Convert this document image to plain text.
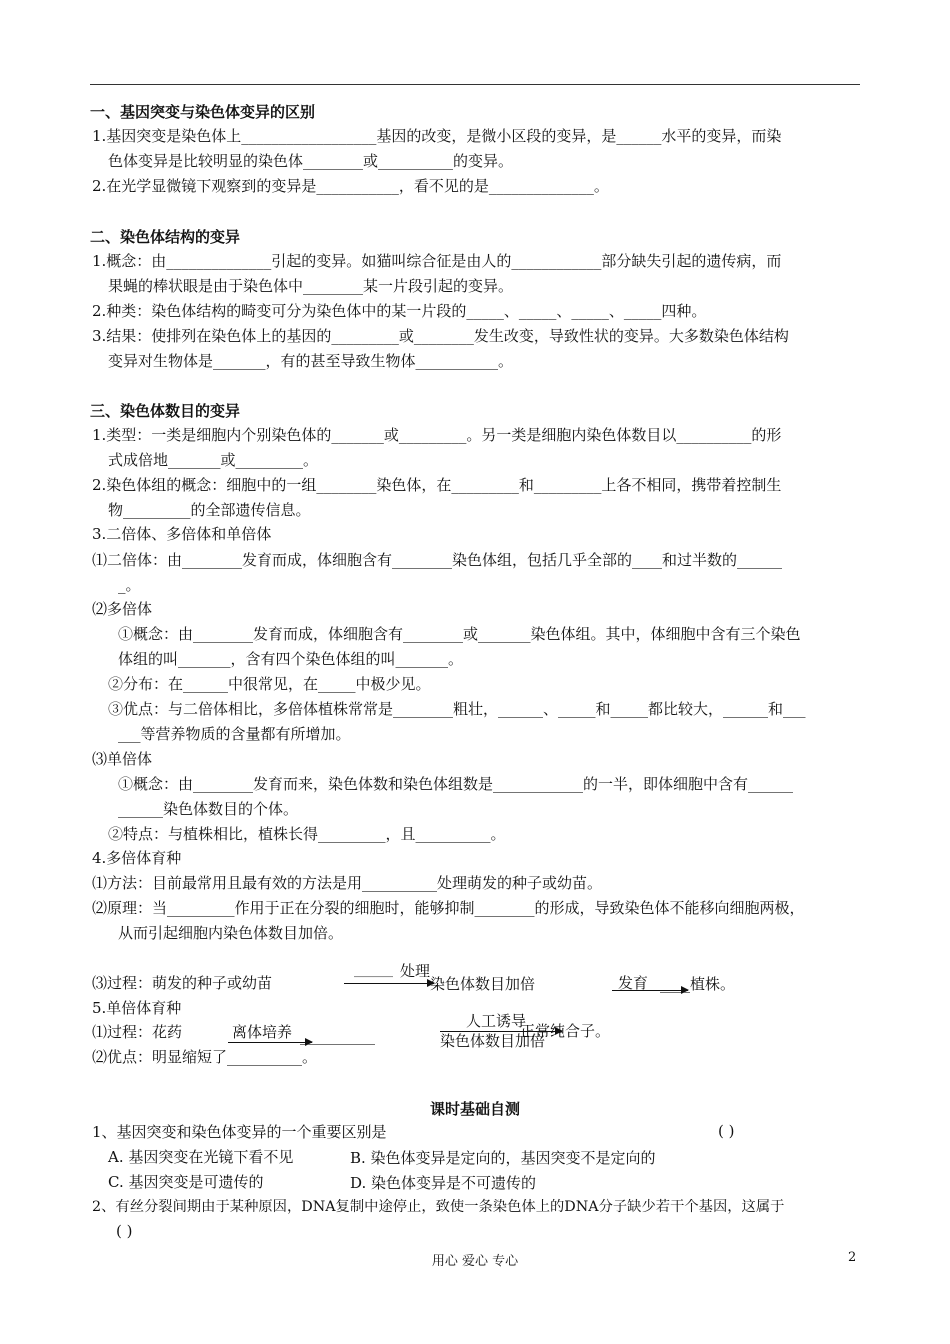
一、基因突变与染色体变异的区别
1.基因突变是染色体上__________________基因的改变，是微小区段的变异，是______水平的变异，而染
色体变异是比较明显的染色体________或__________的变异。
2.在光学显微镜下观察到的变异是___________，看不见的是______________。
二、染色体结构的变异
1.概念：由______________引起的变异。如猫叫综合征是由人的____________部分缺失引起的遗传病，而
果蝇的棒状眼是由于染色体中________某一片段引起的变异。
2.种类：染色体结构的畸变可分为染色体中的某一片段的_____、_____、_____、_____四种。
3.结果：使排列在染色体上的基因的_________或________发生改变，导致性状的变异。大多数染色体结构
变异对生物体是_______，有的甚至导致生物体___________。
三、染色体数目的变异
1.类型：一类是细胞内个别染色体的_______或_________。另一类是细胞内染色体数目以__________的形
式成倍地_______或_________。
2.染色体组的概念：细胞中的一组________染色体，在_________和_________上各不相同，携带着控制生
物_________的全部遗传信息。
3.二倍体、多倍体和单倍体
⑴二倍体：由________发育而成，体细胞含有________染色体组，包括几乎全部的____和过半数的______
_。
⑵多倍体
①概念：由________发育而成，体细胞含有________或_______染色体组。其中，体细胞中含有三个染色
体组的叫_______，含有四个染色体组的叫_______。
②分布：在______中很常见，在_____中极少见。
③优点：与二倍体相比，多倍体植株常常是________粗壮，______、_____和_____都比较大，______和___
___等营养物质的含量都有所增加。
⑶单倍体
①概念：由________发育而来，染色体数和染色体组数是____________的一半，即体细胞中含有______
______染色体数目的个体。
②特点：与植株相比，植株长得_________，且__________。
4.多倍体育种
⑴方法：目前最常用且最有效的方法是用__________处理萌发的种子或幼苗。
⑵原理：当_________作用于正在分裂的细胞时，能够抑制________的形成，导致染色体不能移向细胞两极，
从而引起细胞内染色体数目加倍。
⑶过程：萌发的种子或幼苗
______ 处理
染色体数目加倍	发育 ____植株。
5.单倍体育种
⑴过程：花药	离体培养 __________
人工诱导
正常纯合子。
染色体数目加倍
⑵优点：明显缩短了__________。
课时基础自测
1、基因突变和染色体变异的一个重要区别是	( )
A. 基因突变在光镜下看不见	B. 染色体变异是定向的，基因突变不是定向的
C. 基因突变是可遗传的	D. 染色体变异是不可遗传的
2、有丝分裂间期由于某种原因，DNA复制中途停止，致使一条染色体上的DNA分子缺少若干个基因，这属于
( )
用心 爱心 专心	2
